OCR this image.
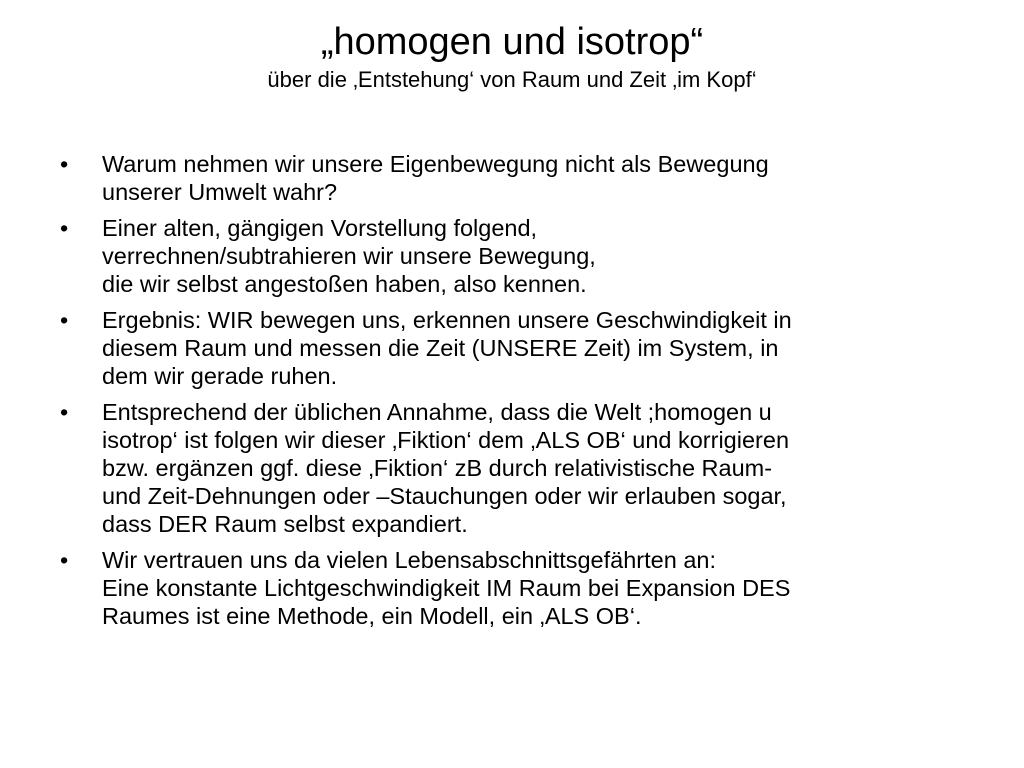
„homogen und isotrop“

über die ‚Entstehung‘ von Raum und Zeit ‚im Kopf‘

•	Warum nehmen wir unsere Eigenbewegung nicht als Bewegung
unserer Umwelt wahr?
•	Einer alten, gängigen Vorstellung folgend,
verrechnen/subtrahieren wir unsere Bewegung,
die wir selbst angestoßen haben, also kennen.
•	Ergebnis: WIR bewegen uns, erkennen unsere Geschwindigkeit in
diesem Raum und messen die Zeit (UNSERE Zeit) im System, in
dem wir gerade ruhen.
•	Entsprechend der üblichen Annahme, dass die Welt ;homogen u
isotrop‘ ist folgen wir dieser ‚Fiktion‘ dem ‚ALS OB‘ und korrigieren
bzw. ergänzen ggf. diese ‚Fiktion‘ zB durch relativistische Raum-
und Zeit-Dehnungen oder –Stauchungen oder wir erlauben sogar,
dass DER Raum selbst expandiert.
•	Wir vertrauen uns da vielen Lebensabschnittsgefährten an:
Eine konstante Lichtgeschwindigkeit IM Raum bei Expansion DES
Raumes ist eine Methode, ein Modell, ein ‚ALS OB‘.
